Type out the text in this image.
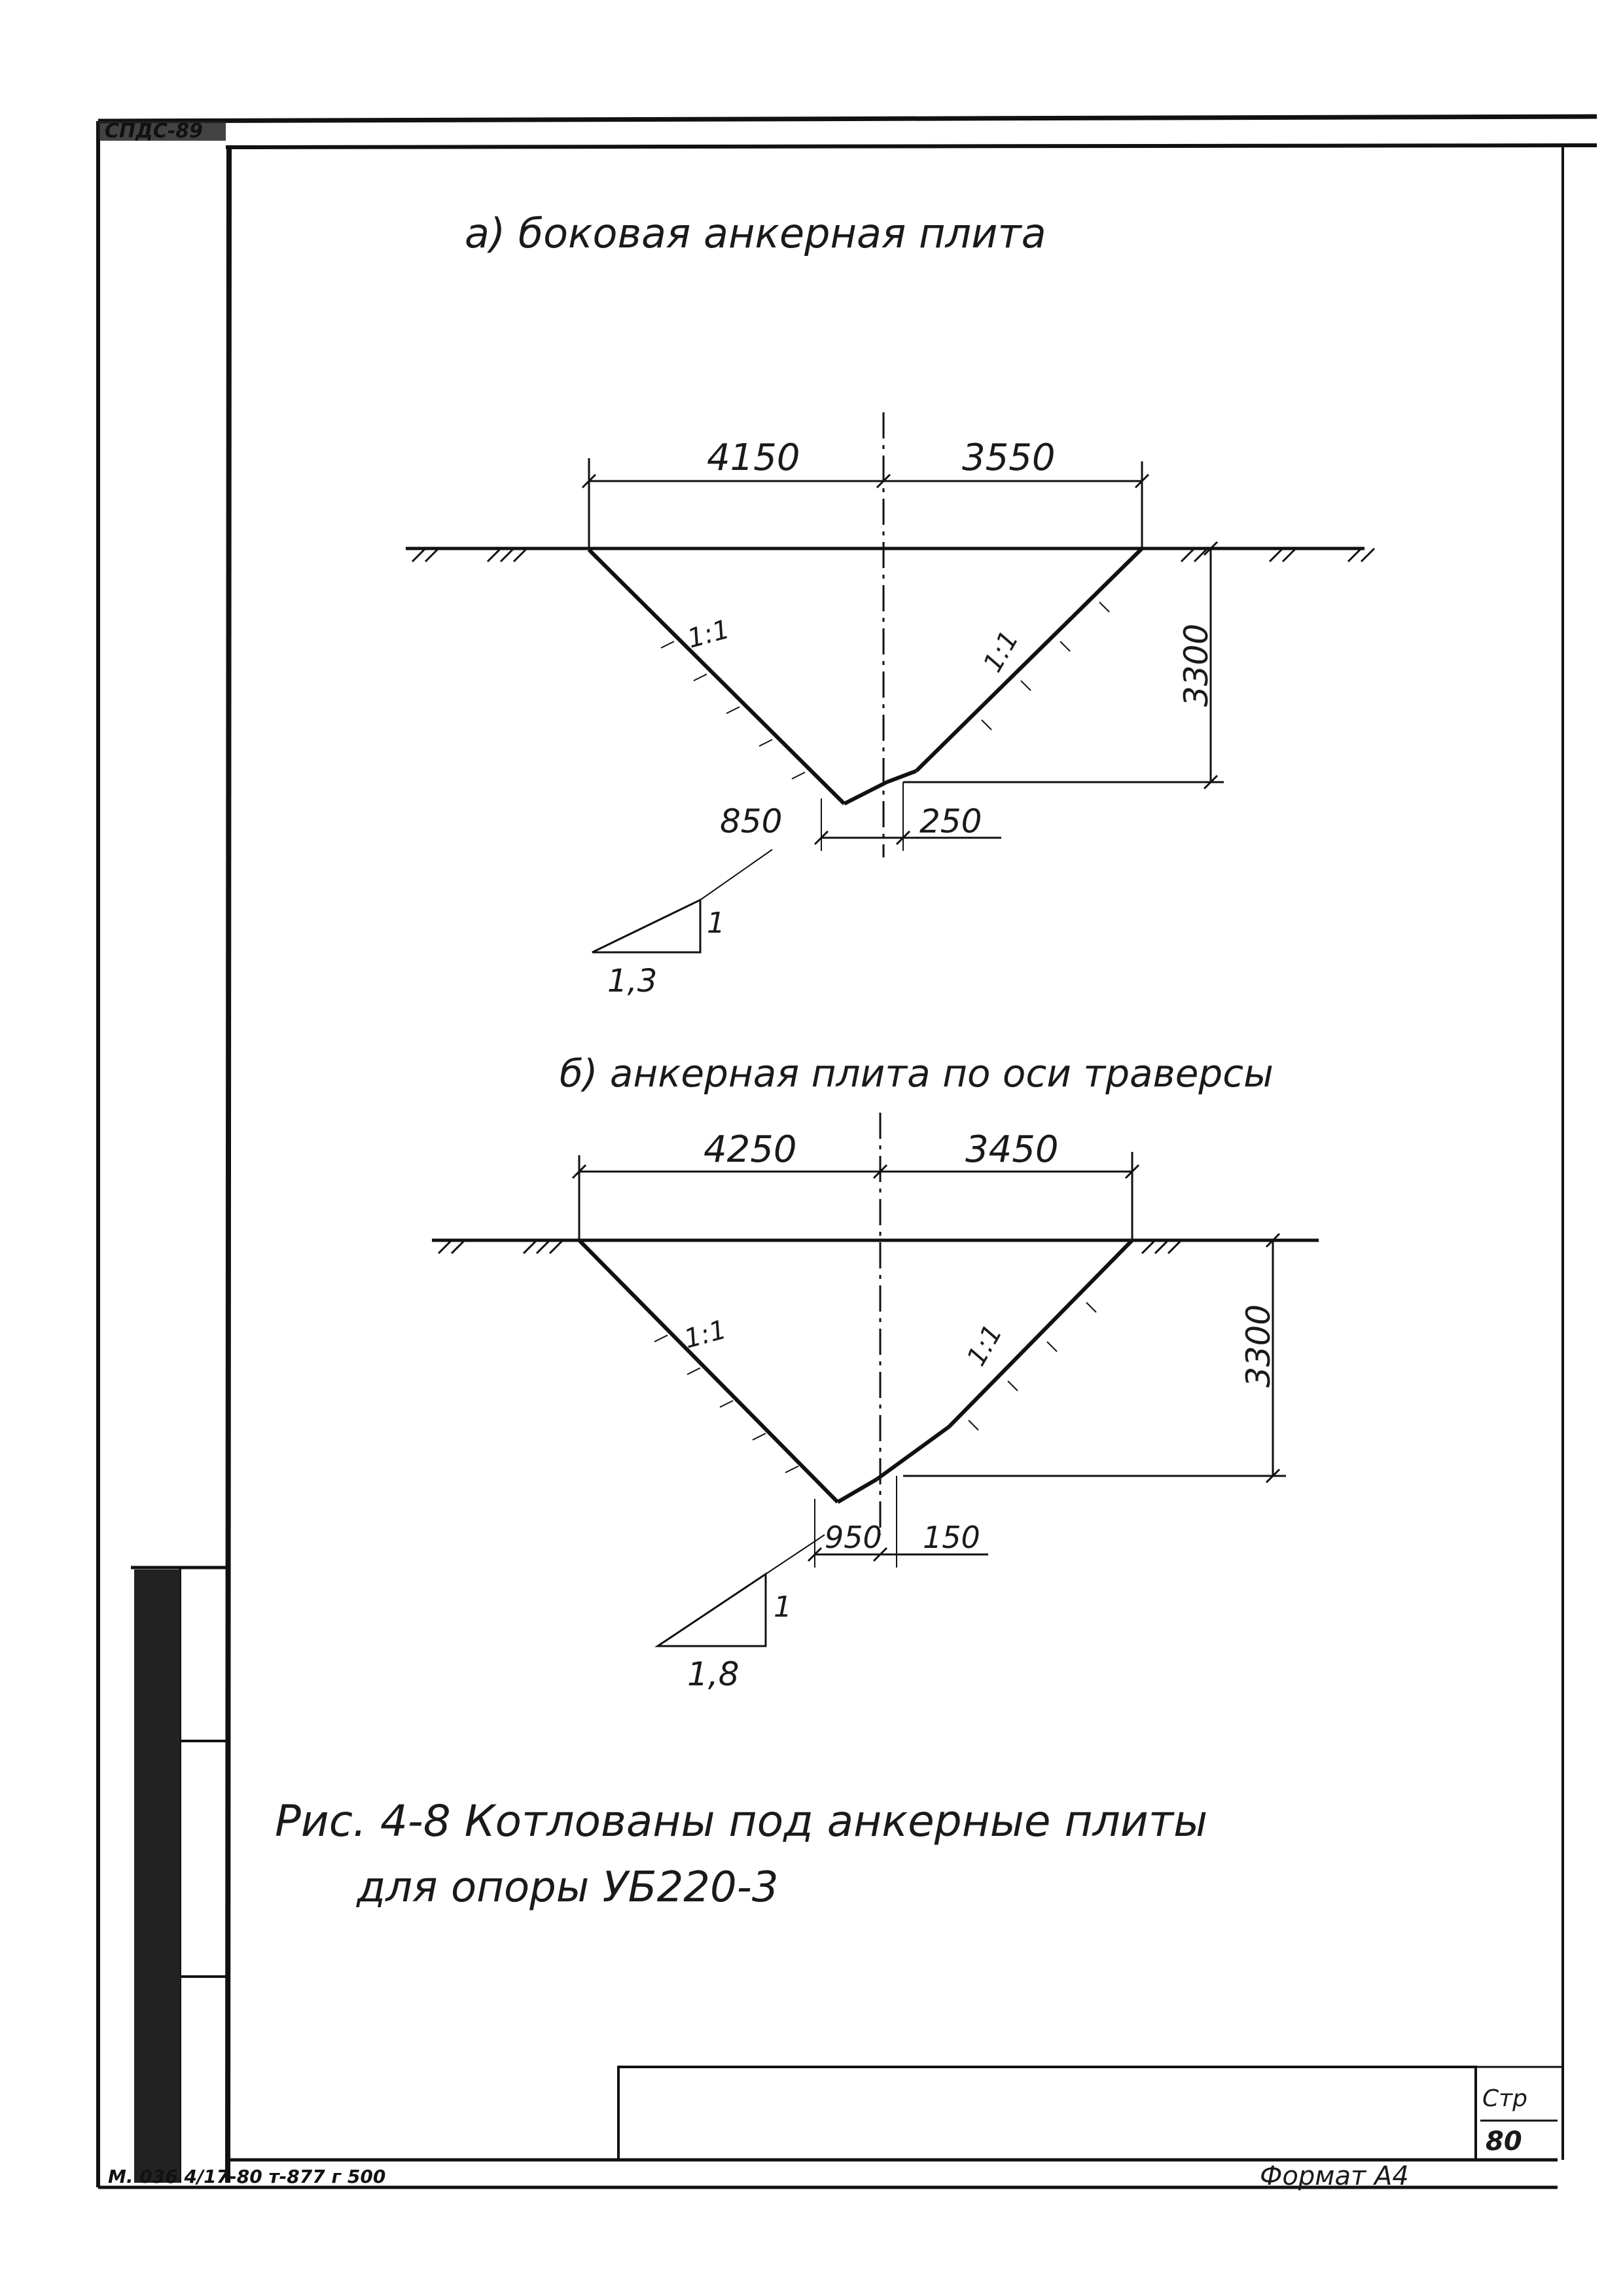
СПДС-89
М. 036 4/17-80 т-877 г 500	Формат А4
Стр
80
а) боковая анкерная плита
4150	3550
3300
850	250
1:1	1:1
1
1,3
б) анкерная плита по оси траверсы
4250	3450
3300
950 150
1:1	1:1
1
1,8
Рис. 4-8 Котлованы под анкерные плиты
для опоры УБ220-3
